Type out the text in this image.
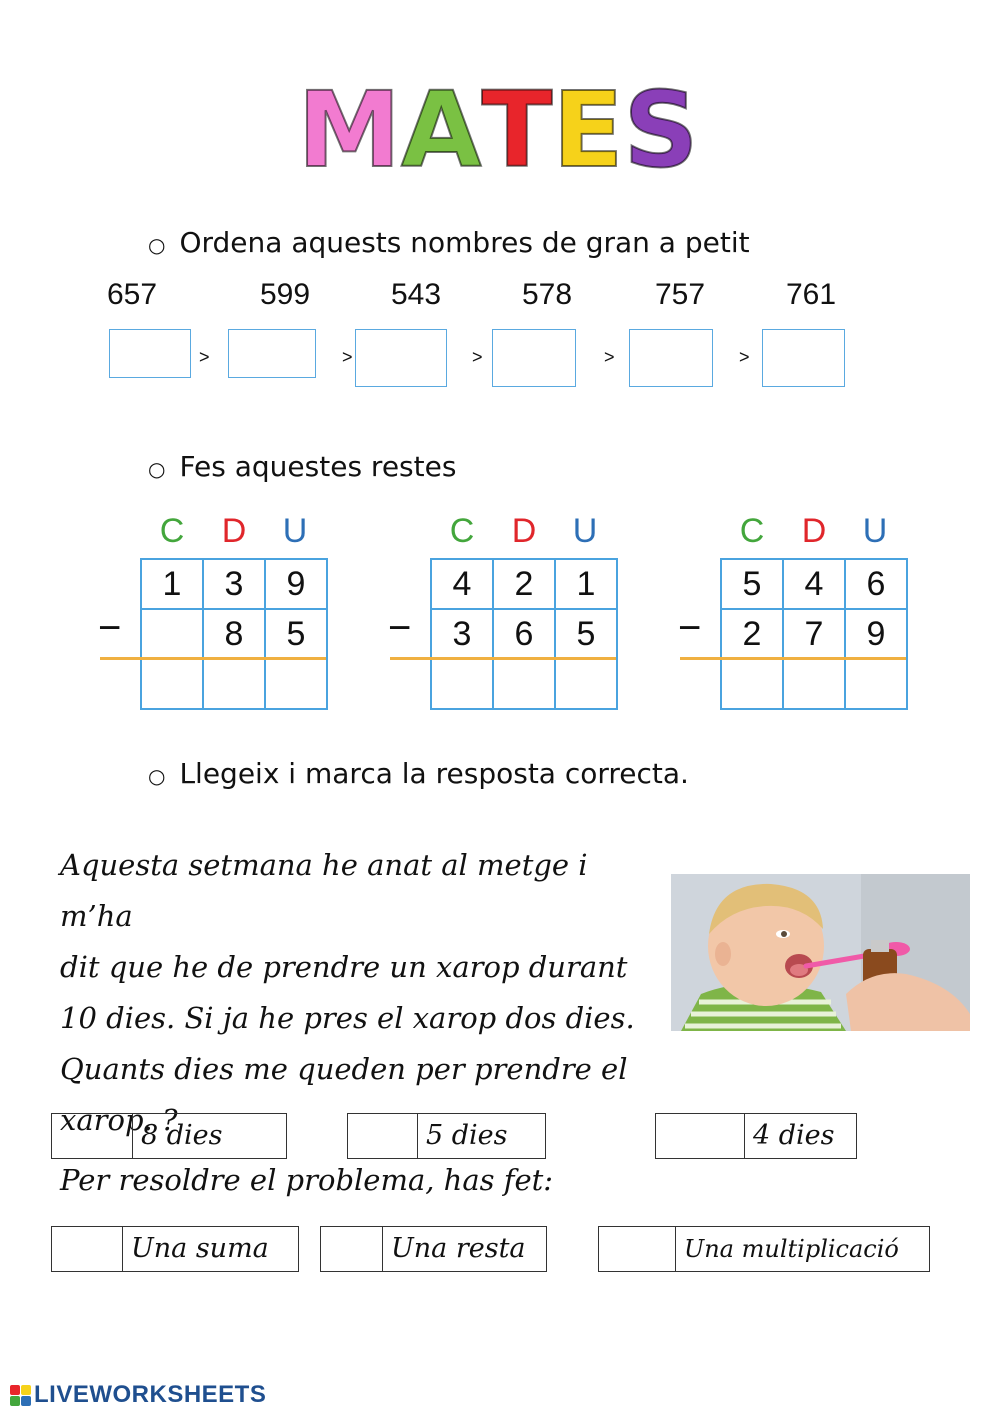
MATES
○ Ordena aquests nombres de gran a petit
657	599	543	578	757	761
>	>	>	>	>
○ Fes aquestes restes
C	D	U
−
1	3	9
	8	5

C	D	U
−
4	2	1
3	6	5

C	D	U
−
5	4	6
2	7	9

○ Llegeix i marca la resposta correcta.
Aquesta setmana he anat al metge i m’ha
dit que he de prendre un xarop durant
10 dies. Si ja he pres el xarop dos dies.
Quants dies me queden per prendre el
xarop. ?
8 dies	5 dies	4 dies
Per resoldre el problema, has fet:
Una suma	Una resta	Una multiplicació
LIVEWORKSHEETS
